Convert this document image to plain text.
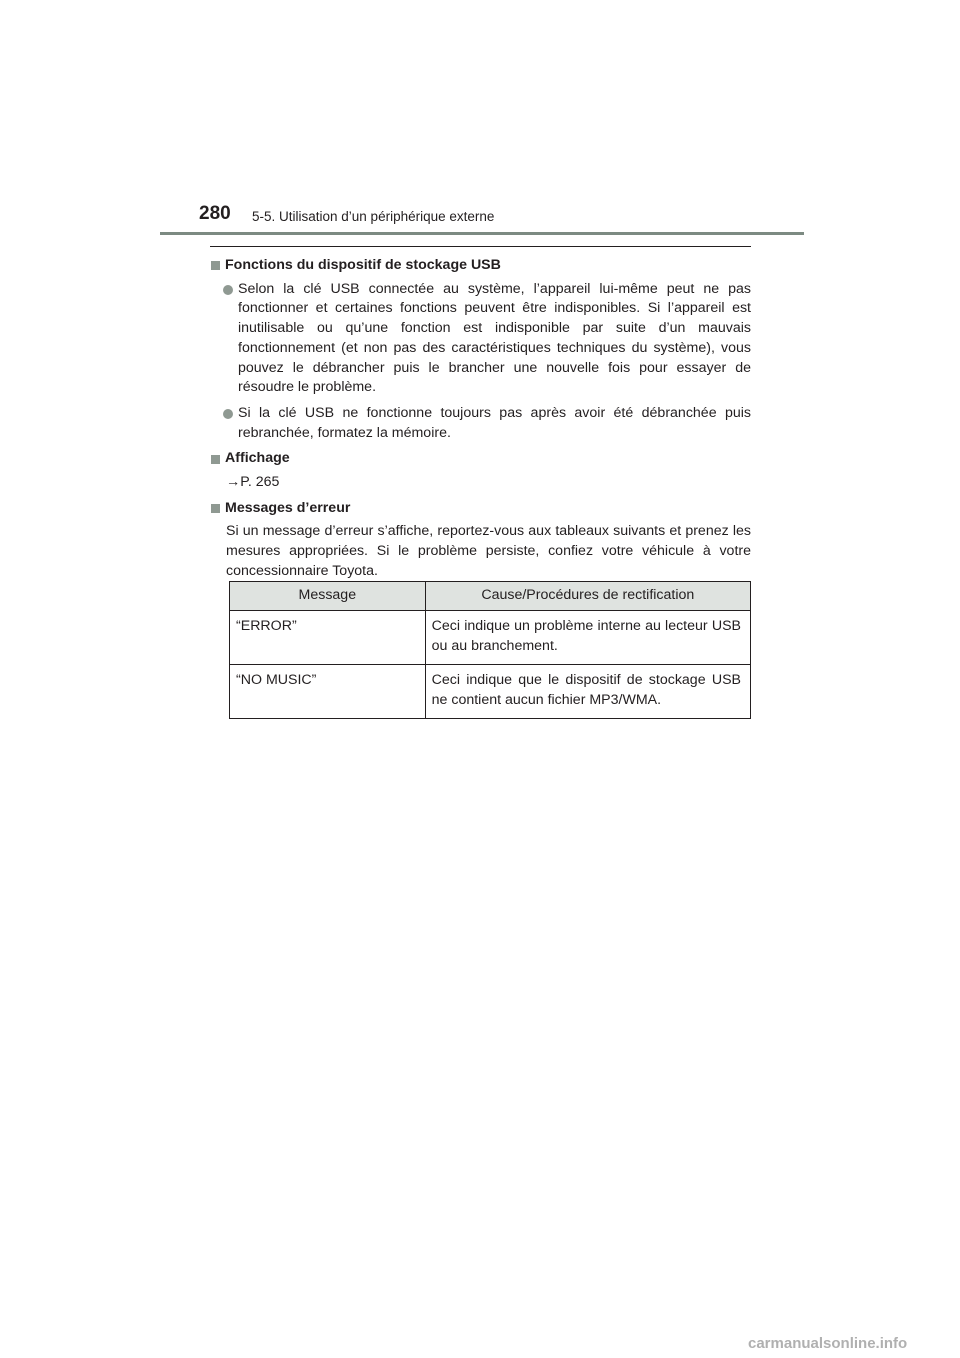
280 5-5. Utilisation d’un périphérique externe
Fonctions du dispositif de stockage USB
Selon la clé USB connectée au système, l’appareil lui-même peut ne pas fonctionner et certaines fonctions peuvent être indisponibles. Si l’appareil est inutilisable ou qu’une fonction est indisponible par suite d’un mauvais fonctionnement (et non pas des caractéristiques techniques du système), vous pouvez le débrancher puis le brancher une nouvelle fois pour essayer de résoudre le problème.
Si la clé USB ne fonctionne toujours pas après avoir été débranchée puis rebranchée, formatez la mémoire.
Affichage
→P. 265
Messages d’erreur
Si un message d’erreur s’affiche, reportez-vous aux tableaux suivants et prenez les mesures appropriées. Si le problème persiste, confiez votre véhicule à votre concessionnaire Toyota.
Message	Cause/Procédures de rectification
“ERROR”	Ceci indique un problème interne au lecteur USB ou au branchement.
“NO MUSIC”	Ceci indique que le dispositif de stockage USB ne contient aucun fichier MP3/WMA.
carmanualsonline.info
